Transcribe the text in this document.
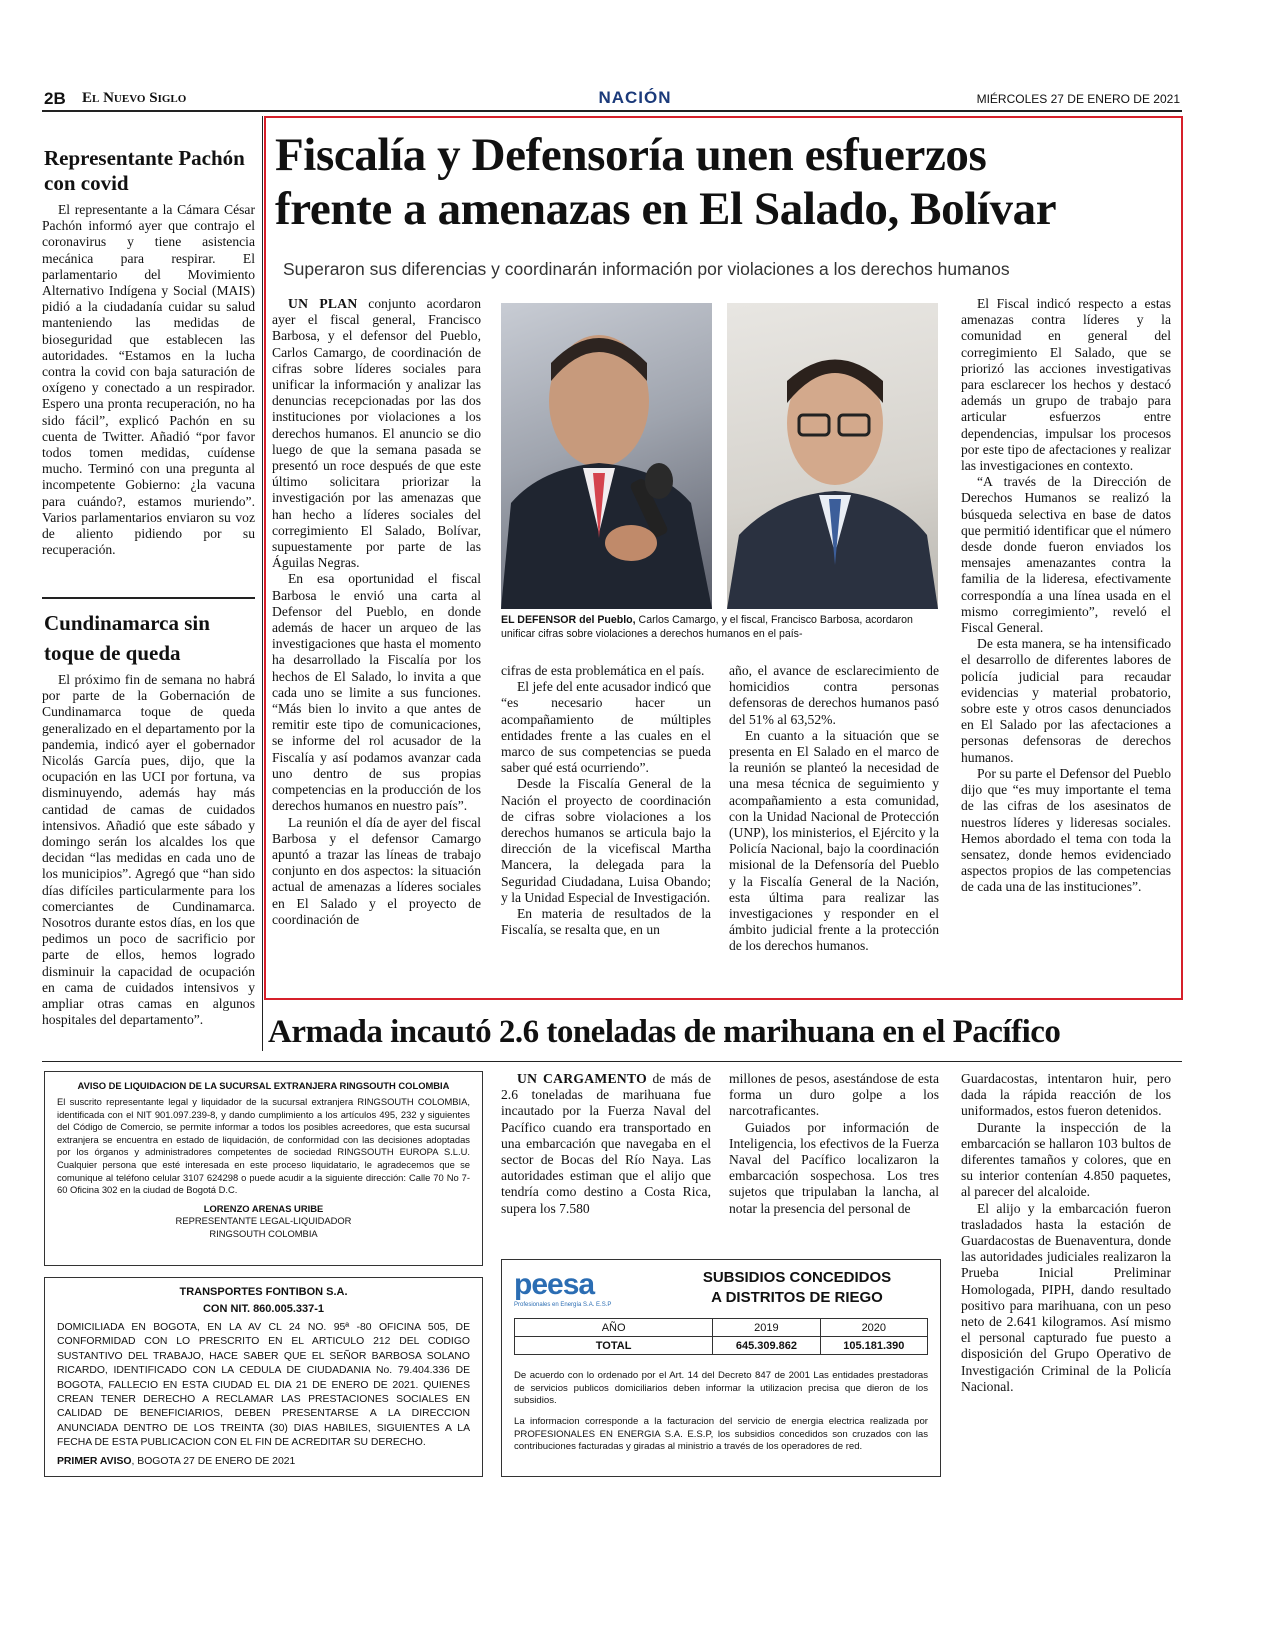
2B El Nuevo Siglo	NACIÓN	MIÉRCOLES 27 DE ENERO DE 2021
Representante Pachón con covid

El representante a la Cámara César Pachón informó ayer que contrajo el coronavirus y tiene asistencia mecánica para respirar. El parlamentario del Movimiento Alternativo Indígena y Social (MAIS) pidió a la ciudadanía cuidar su salud manteniendo las medidas de bioseguridad que establecen las autoridades. “Estamos en la lucha contra la covid con baja saturación de oxígeno y conectado a un respirador. Espero una pronta recuperación, no ha sido fácil”, explicó Pachón en su cuenta de Twitter. Añadió “por favor todos tomen medidas, cuídense mucho. Terminó con una pregunta al incompetente Gobierno: ¿la vacuna para cuándo?, estamos muriendo”. Varios parlamentarios enviaron su voz de aliento pidiendo por su recuperación.

Cundinamarca sin toque de queda

El próximo fin de semana no habrá por parte de la Gobernación de Cundinamarca toque de queda generalizado en el departamento por la pandemia, indicó ayer el gobernador Nicolás García pues, dijo, que la ocupación en las UCI por fortuna, va disminuyendo, además hay más cantidad de camas de cuidados intensivos. Añadió que este sábado y domingo serán los alcaldes los que decidan “las medidas en cada uno de los municipios”. Agregó que “han sido días difíciles particularmente para los comerciantes de Cundinamarca. Nosotros durante estos días, en los que pedimos un poco de sacrificio por parte de ellos, hemos logrado disminuir la capacidad de ocupación en cama de cuidados intensivos y ampliar otras camas en algunos hospitales del departamento”.

Fiscalía y Defensoría unen esfuerzos
frente a amenazas en El Salado, Bolívar
Superaron sus diferencias y coordinarán información por violaciones a los derechos humanos

UN PLAN conjunto acordaron ayer el fiscal general, Francisco Barbosa, y el defensor del Pueblo, Carlos Camargo, de coordinación de cifras sobre líderes sociales para unificar la información y analizar las denuncias recepcionadas por las dos instituciones por violaciones a los derechos humanos. El anuncio se dio luego de que la semana pasada se presentó un roce después de que este último solicitara priorizar la investigación por las amenazas que han hecho a líderes sociales del corregimiento El Salado, Bolívar, supuestamente por parte de las Águilas Negras.

En esa oportunidad el fiscal Barbosa le envió una carta al Defensor del Pueblo, en donde además de hacer un arqueo de las investigaciones que hasta el momento ha desarrollado la Fiscalía por los hechos de El Salado, lo invita a que cada uno se limite a sus funciones. “Más bien lo invito a que antes de remitir este tipo de comunicaciones, se informe del rol acusador de la Fiscalía y así podamos avanzar cada uno dentro de sus propias competencias en la producción de los derechos humanos en nuestro país”.

La reunión el día de ayer del fiscal Barbosa y el defensor Camargo apuntó a trazar las líneas de trabajo conjunto en dos aspectos: la situación actual de amenazas a líderes sociales en El Salado y el proyecto de coordinación de

EL DEFENSOR del Pueblo, Carlos Camargo, y el fiscal, Francisco Barbosa, acordaron unificar cifras sobre violaciones a derechos humanos en el país-

cifras de esta problemática en el país.

El jefe del ente acusador indicó que “es necesario hacer un acompañamiento de múltiples entidades frente a las cuales en el marco de sus competencias se pueda saber qué está ocurriendo”.

Desde la Fiscalía General de la Nación el proyecto de coordinación de cifras sobre violaciones a los derechos humanos se articula bajo la dirección de la vicefiscal Martha Mancera, la delegada para la Seguridad Ciudadana, Luisa Obando; y la Unidad Especial de Investigación.

En materia de resultados de la Fiscalía, se resalta que, en un

año, el avance de esclarecimiento de homicidios contra personas defensoras de derechos humanos pasó del 51% al 63,52%.

En cuanto a la situación que se presenta en El Salado en el marco de la reunión se planteó la necesidad de una mesa técnica de seguimiento y acompañamiento a esta comunidad, con la Unidad Nacional de Protección (UNP), los ministerios, el Ejército y la Policía Nacional, bajo la coordinación misional de la Defensoría del Pueblo y la Fiscalía General de la Nación, esta última para realizar las investigaciones y responder en el ámbito judicial frente a la protección de los derechos humanos.

El Fiscal indicó respecto a estas amenazas contra líderes y la comunidad en general del corregimiento El Salado, que se priorizó las acciones investigativas para esclarecer los hechos y destacó además un grupo de trabajo para articular esfuerzos entre dependencias, impulsar los procesos por este tipo de afectaciones y realizar las investigaciones en contexto.

“A través de la Dirección de Derechos Humanos se realizó la búsqueda selectiva en base de datos que permitió identificar que el número desde donde fueron enviados los mensajes amenazantes contra la familia de la lideresa, efectivamente correspondía a una línea usada en el mismo corregimiento”, reveló el Fiscal General.

De esta manera, se ha intensificado el desarrollo de diferentes labores de policía judicial para recaudar evidencias y material probatorio, sobre este y otros casos denunciados en El Salado por las afectaciones a personas defensoras de derechos humanos.

Por su parte el Defensor del Pueblo dijo que “es muy importante el tema de las cifras de los asesinatos de nuestros líderes y lideresas sociales. Hemos abordado el tema con toda la sensatez, donde hemos evidenciado aspectos propios de las competencias de cada una de las instituciones”.

Armada incautó 2.6 toneladas de marihuana en el Pacífico

UN CARGAMENTO de más de 2.6 toneladas de marihuana fue incautado por la Fuerza Naval del Pacífico cuando era transportado en una embarcación que navegaba en el sector de Bocas del Río Naya. Las autoridades estiman que el alijo que tendría como destino a Costa Rica, supera los 7.580

millones de pesos, asestándose de esta forma un duro golpe a los narcotraficantes.

Guiados por información de Inteligencia, los efectivos de la Fuerza Naval del Pacífico localizaron la embarcación sospechosa. Los tres sujetos que tripulaban la lancha, al notar la presencia del personal de

Guardacostas, intentaron huir, pero dada la rápida reacción de los uniformados, estos fueron detenidos.

Durante la inspección de la embarcación se hallaron 103 bultos de diferentes tamaños y colores, que en su interior contenían 4.850 paquetes, al parecer del alcaloide.

El alijo y la embarcación fueron trasladados hasta la estación de Guardacostas de Buenaventura, donde las autoridades judiciales realizaron la Prueba Inicial Preliminar Homologada, PIPH, dando resultado positivo para marihuana, con un peso neto de 2.641 kilogramos. Así mismo el personal capturado fue puesto a disposición del Grupo Operativo de Investigación Criminal de la Policía Nacional.

AVISO DE LIQUIDACION DE LA SUCURSAL EXTRANJERA RINGSOUTH COLOMBIA
El suscrito representante legal y liquidador de la sucursal extranjera RINGSOUTH COLOMBIA, identificada con el NIT 901.097.239-8, y dando cumplimiento a los artículos 495, 232 y siguientes del Código de Comercio, se permite informar a todos los posibles acreedores, que esta sucursal extranjera se encuentra en estado de liquidación, de conformidad con las decisiones adoptadas por los órganos y administradores competentes de sociedad RINGSOUTH EUROPA S.L.U. Cualquier persona que esté interesada en este proceso liquidatario, le agradecemos que se comunique al teléfono celular 3107 624298 o puede acudir a la siguiente dirección: Calle 70 No 7-60 Oficina 302 en la ciudad de Bogotá D.C.
LORENZO ARENAS URIBE
REPRESENTANTE LEGAL-LIQUIDADOR
RINGSOUTH COLOMBIA
TRANSPORTES FONTIBON S.A.
CON NIT. 860.005.337-1
DOMICILIADA EN BOGOTA, EN LA AV CL 24 NO. 95ª -80 OFICINA 505, DE CONFORMIDAD CON LO PRESCRITO EN EL ARTICULO 212 DEL CODIGO SUSTANTIVO DEL TRABAJO, HACE SABER QUE EL SEÑOR BARBOSA SOLANO RICARDO, IDENTIFICADO CON LA CEDULA DE CIUDADANIA No. 79.404.336 DE BOGOTA, FALLECIO EN ESTA CIUDAD EL DIA 21 DE ENERO DE 2021. QUIENES CREAN TENER DERECHO A RECLAMAR LAS PRESTACIONES SOCIALES EN CALIDAD DE BENEFICIARIOS, DEBEN PRESENTARSE A LA DIRECCION ANUNCIADA DENTRO DE LOS TREINTA (30) DIAS HABILES, SIGUIENTES A LA FECHA DE ESTA PUBLICACION CON EL FIN DE ACREDITAR SU DERECHO.
PRIMER AVISO, BOGOTA 27 DE ENERO DE 2021
peesa
Profesionales en Energía S.A. E.S.P
SUBSIDIOS CONCEDIDOS
A DISTRITOS DE RIEGO
AÑO	2019	2020
TOTAL	645.309.862	105.181.390
De acuerdo con lo ordenado por el Art. 14 del Decreto 847 de 2001 Las entidades prestadoras de servicios publicos domiciliarios deben informar la utilizacion precisa que dieron de los subsidios.
La informacion corresponde a la facturacion del servicio de energia electrica realizada por PROFESIONALES EN ENERGIA S.A. E.S.P, los subsidios concedidos son cruzados con las contribuciones facturadas y giradas al ministrio a través de los operadores de red.
